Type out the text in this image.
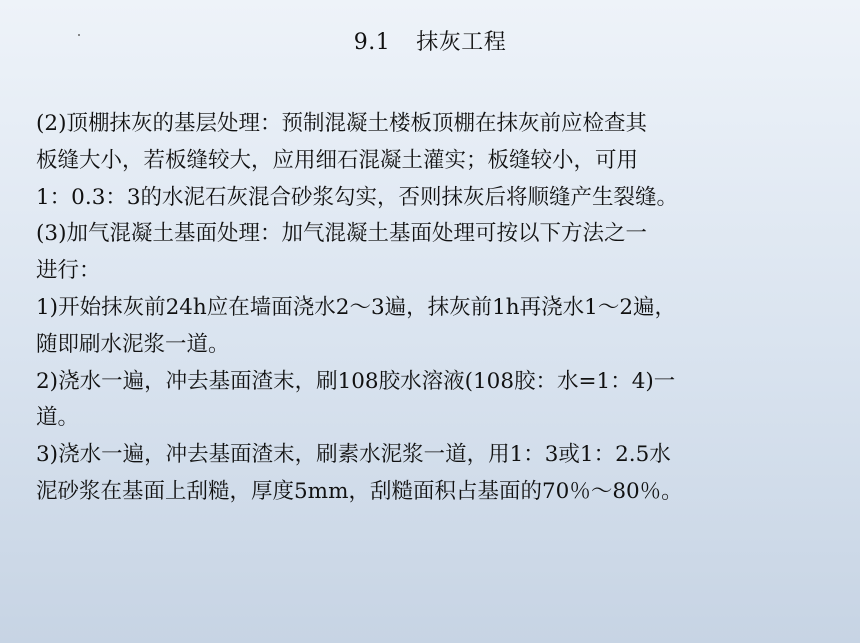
9.1 抹灰工程

(2)顶棚抹灰的基层处理：预制混凝土楼板顶棚在抹灰前应检查其

板缝大小，若板缝较大，应用细石混凝土灌实；板缝较小，可用

1：0.3：3的水泥石灰混合砂浆勾实，否则抹灰后将顺缝产生裂缝。

(3)加气混凝土基面处理：加气混凝土基面处理可按以下方法之一

进行：

1)开始抹灰前24h应在墙面浇水2～3遍，抹灰前1h再浇水1～2遍，

随即刷水泥浆一道。

2)浇水一遍，冲去基面渣末，刷108胶水溶液(108胶：水=1：4)一

道。

3)浇水一遍，冲去基面渣末，刷素水泥浆一道，用1：3或1：2.5水

泥砂浆在基面上刮糙，厚度5mm，刮糙面积占基面的70％～80％。
